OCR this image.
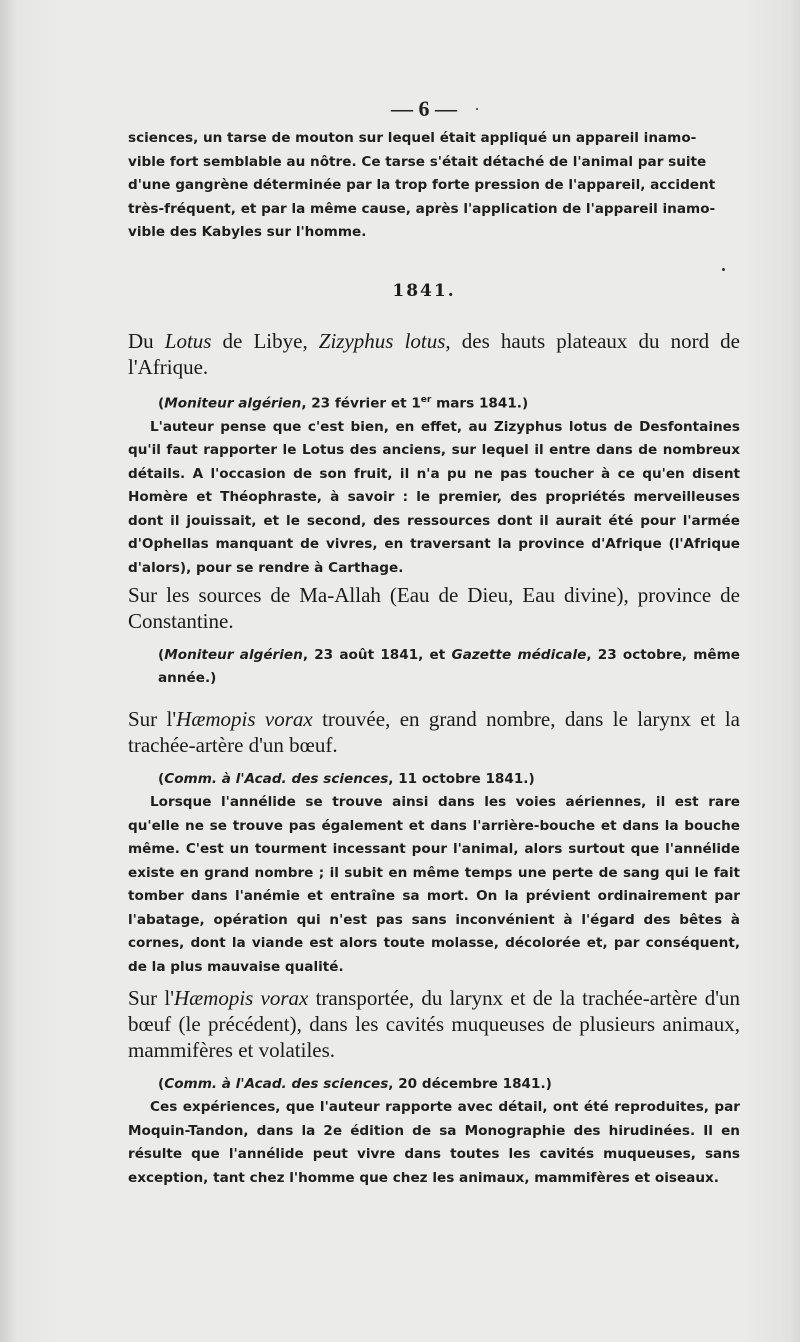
— 6 —

sciences, un tarse de mouton sur lequel était appliqué un appareil inamo-

vible fort semblable au nôtre. Ce tarse s'était détaché de l'animal par suite

d'une gangrène déterminée par la trop forte pression de l'appareil, accident

très-fréquent, et par la même cause, après l'application de l'appareil inamo-

vible des Kabyles sur l'homme.

1841.

Du Lotus de Libye, Zizyphus lotus, des hauts plateaux du nord de l'Afrique.

(Moniteur algérien, 23 février et 1er mars 1841.)

L'auteur pense que c'est bien, en effet, au Zizyphus lotus de Desfontaines qu'il faut rapporter le Lotus des anciens, sur lequel il entre dans de nombreux détails. A l'occasion de son fruit, il n'a pu ne pas toucher à ce qu'en disent Homère et Théophraste, à savoir : le premier, des propriétés merveilleuses dont il jouissait, et le second, des ressources dont il aurait été pour l'armée d'Ophellas manquant de vivres, en traversant la province d'Afrique (l'Afrique d'alors), pour se rendre à Carthage.

Sur les sources de Ma-Allah (Eau de Dieu, Eau divine), province de Constantine.

(Moniteur algérien, 23 août 1841, et Gazette médicale, 23 octobre, même année.)

Sur l'Hæmopis vorax trouvée, en grand nombre, dans le larynx et la trachée-artère d'un bœuf.

(Comm. à l'Acad. des sciences, 11 octobre 1841.)

Lorsque l'annélide se trouve ainsi dans les voies aériennes, il est rare qu'elle ne se trouve pas également et dans l'arrière-bouche et dans la bouche même. C'est un tourment incessant pour l'animal, alors surtout que l'annélide existe en grand nombre ; il subit en même temps une perte de sang qui le fait tomber dans l'anémie et entraîne sa mort. On la prévient ordinairement par l'abatage, opération qui n'est pas sans inconvénient à l'égard des bêtes à cornes, dont la viande est alors toute molasse, décolorée et, par conséquent, de la plus mauvaise qualité.

Sur l'Hæmopis vorax transportée, du larynx et de la trachée-artère d'un bœuf (le précédent), dans les cavités muqueuses de plusieurs animaux, mammifères et volatiles.

(Comm. à l'Acad. des sciences, 20 décembre 1841.)

Ces expériences, que l'auteur rapporte avec détail, ont été reproduites, par Moquin-Tandon, dans la 2e édition de sa Monographie des hirudinées. Il en résulte que l'annélide peut vivre dans toutes les cavités muqueuses, sans exception, tant chez l'homme que chez les animaux, mammifères et oiseaux.
